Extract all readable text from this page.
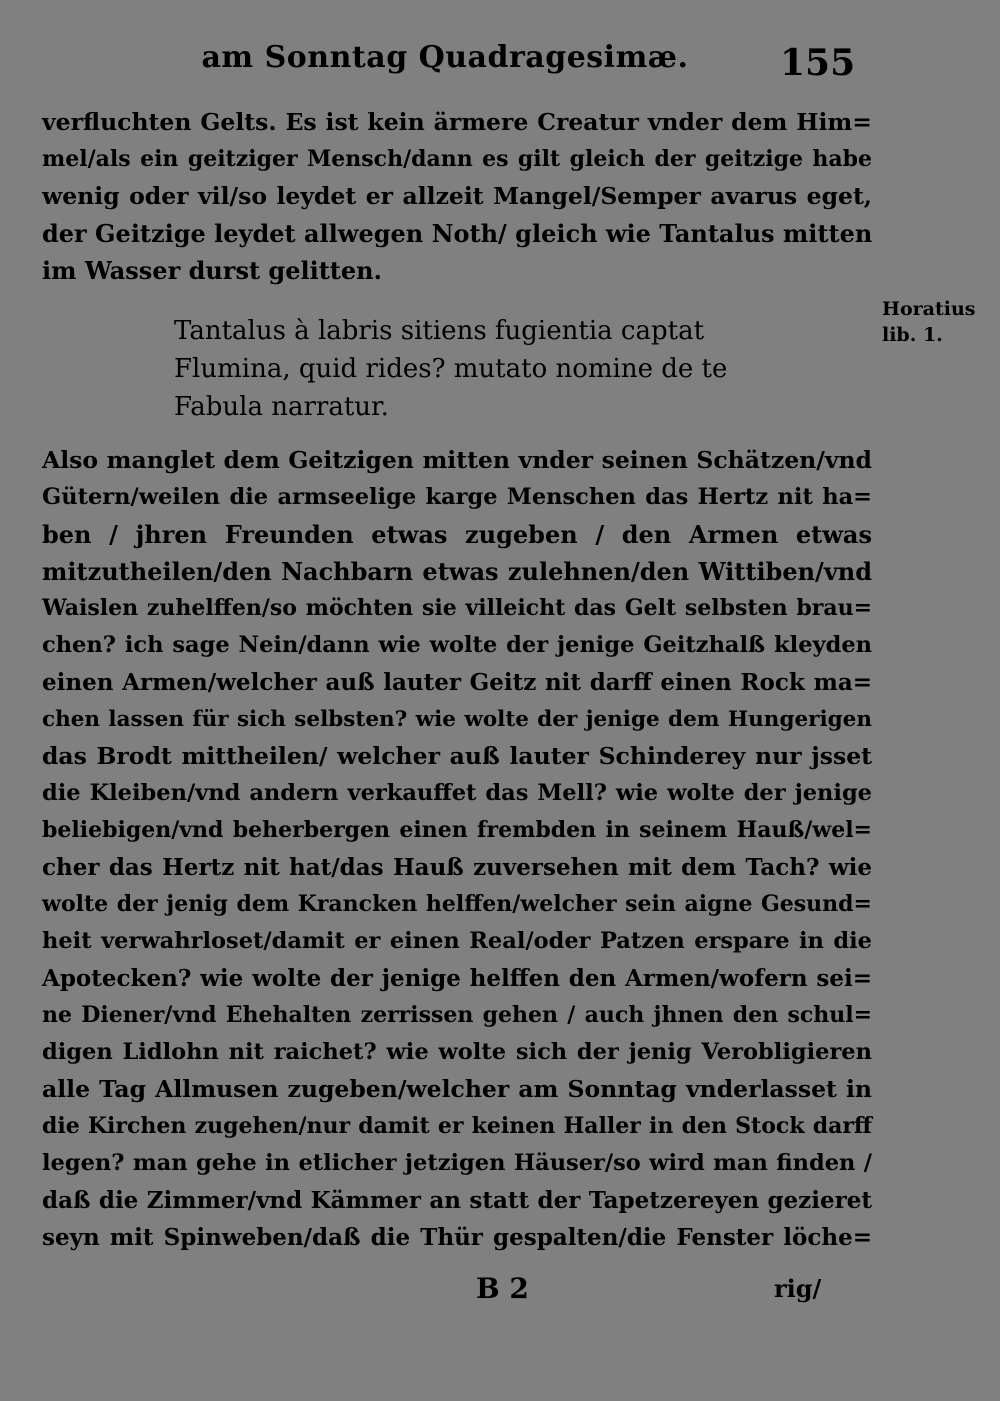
am Sonntag Quadragesimæ.	155
verfluchten Gelts. Es ist kein ärmere Creatur vnder dem Him=
mel/als ein geitziger Mensch/dann es gilt gleich der geitzige habe
wenig oder vil/so leydet er allzeit Mangel/Semper avarus eget,
der Geitzige leydet allwegen Noth/ gleich wie Tantalus mitten
im Wasser durst gelitten.
Tantalus à labris sitiens fugientia captat
Flumina, quid rides? mutato nomine de te
Fabula narratur.
Horatius
lib. 1.
Also manglet dem Geitzigen mitten vnder seinen Schätzen/vnd
Gütern/weilen die armseelige karge Menschen das Hertz nit ha=
ben / jhren Freunden etwas zugeben / den Armen etwas
mitzutheilen/den Nachbarn etwas zulehnen/den Wittiben/vnd
Waislen zuhelffen/so möchten sie villeicht das Gelt selbsten brau=
chen? ich sage Nein/dann wie wolte der jenige Geitzhalß kleyden
einen Armen/welcher auß lauter Geitz nit darff einen Rock ma=
chen lassen für sich selbsten? wie wolte der jenige dem Hungerigen
das Brodt mittheilen/ welcher auß lauter Schinderey nur jsset
die Kleiben/vnd andern verkauffet das Mell? wie wolte der jenige
beliebigen/vnd beherbergen einen frembden in seinem Hauß/wel=
cher das Hertz nit hat/das Hauß zuversehen mit dem Tach? wie
wolte der jenig dem Krancken helffen/welcher sein aigne Gesund=
heit verwahrloset/damit er einen Real/oder Patzen erspare in die
Apotecken? wie wolte der jenige helffen den Armen/wofern sei=
ne Diener/vnd Ehehalten zerrissen gehen / auch jhnen den schul=
digen Lidlohn nit raichet? wie wolte sich der jenig Verobligieren
alle Tag Allmusen zugeben/welcher am Sonntag vnderlasset in
die Kirchen zugehen/nur damit er keinen Haller in den Stock darff
legen? man gehe in etlicher jetzigen Häuser/so wird man finden /
daß die Zimmer/vnd Kämmer an statt der Tapetzereyen gezieret
seyn mit Spinweben/daß die Thür gespalten/die Fenster löche=
B 2	rig/
